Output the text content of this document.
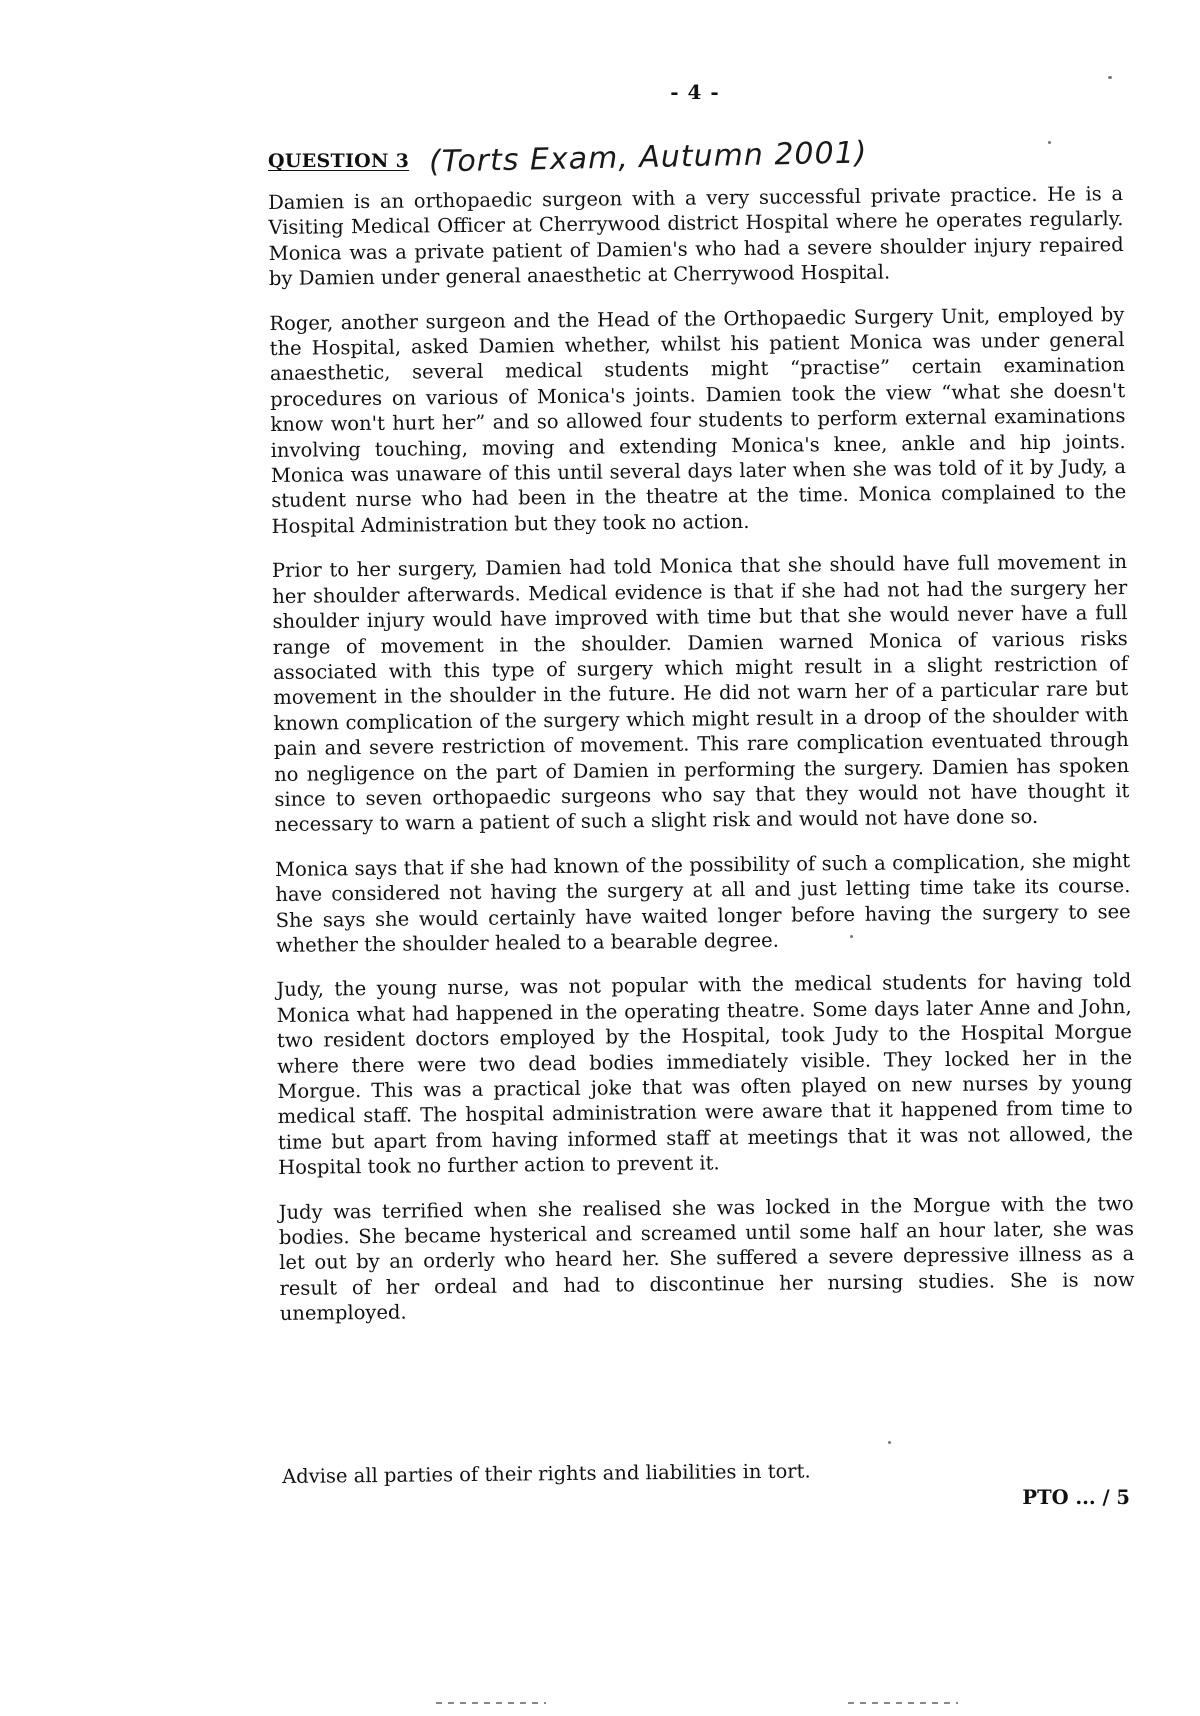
- 4 -
QUESTION 3 (Torts Exam, Autumn 2001)

Damien is an orthopaedic surgeon with a very successful private practice. He is a Visiting Medical Officer at Cherrywood district Hospital where he operates regularly. Monica was a private patient of Damien's who had a severe shoulder injury repaired by Damien under general anaesthetic at Cherrywood Hospital.

Roger, another surgeon and the Head of the Orthopaedic Surgery Unit, employed by the Hospital, asked Damien whether, whilst his patient Monica was under general anaesthetic, several medical students might “practise” certain examination procedures on various of Monica's joints. Damien took the view “what she doesn't know won't hurt her” and so allowed four students to perform external examinations involving touching, moving and extending Monica's knee, ankle and hip joints. Monica was unaware of this until several days later when she was told of it by Judy, a student nurse who had been in the theatre at the time. Monica complained to the Hospital Administration but they took no action.

Prior to her surgery, Damien had told Monica that she should have full movement in her shoulder afterwards. Medical evidence is that if she had not had the surgery her shoulder injury would have improved with time but that she would never have a full range of movement in the shoulder. Damien warned Monica of various risks associated with this type of surgery which might result in a slight restriction of movement in the shoulder in the future. He did not warn her of a particular rare but known complication of the surgery which might result in a droop of the shoulder with pain and severe restriction of movement. This rare complication eventuated through no negligence on the part of Damien in performing the surgery. Damien has spoken since to seven orthopaedic surgeons who say that they would not have thought it necessary to warn a patient of such a slight risk and would not have done so.

Monica says that if she had known of the possibility of such a complication, she might have considered not having the surgery at all and just letting time take its course. She says she would certainly have waited longer before having the surgery to see whether the shoulder healed to a bearable degree.

Judy, the young nurse, was not popular with the medical students for having told Monica what had happened in the operating theatre. Some days later Anne and John, two resident doctors employed by the Hospital, took Judy to the Hospital Morgue where there were two dead bodies immediately visible. They locked her in the Morgue. This was a practical joke that was often played on new nurses by young medical staff. The hospital administration were aware that it happened from time to time but apart from having informed staff at meetings that it was not allowed, the Hospital took no further action to prevent it.

Judy was terrified when she realised she was locked in the Morgue with the two bodies. She became hysterical and screamed until some half an hour later, she was let out by an orderly who heard her. She suffered a severe depressive illness as a result of her ordeal and had to discontinue her nursing studies. She is now unemployed.

Advise all parties of their rights and liabilities in tort.
PTO ... / 5
